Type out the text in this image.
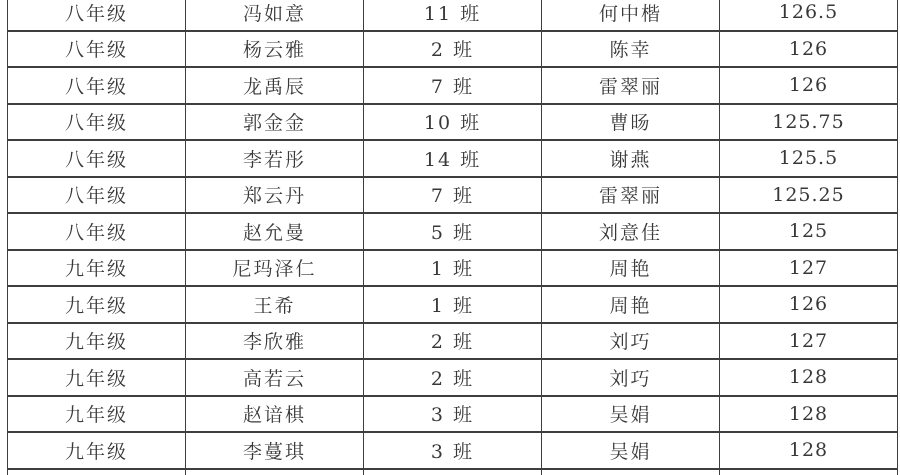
八年级	冯如意	11 班	何中楷	126.5
八年级	杨云雅	2 班	陈幸	126
八年级	龙禹辰	7 班	雷翠丽	126
八年级	郭金金	10 班	曹旸	125.75
八年级	李若彤	14 班	谢燕	125.5
八年级	郑云丹	7 班	雷翠丽	125.25
八年级	赵允曼	5 班	刘意佳	125
九年级	尼玛泽仁	1 班	周艳	127
九年级	王希	1 班	周艳	126
九年级	李欣雅	2 班	刘巧	127
九年级	高若云	2 班	刘巧	128
九年级	赵谙棋	3 班	吴娟	128
九年级	李蔓琪	3 班	吴娟	128
